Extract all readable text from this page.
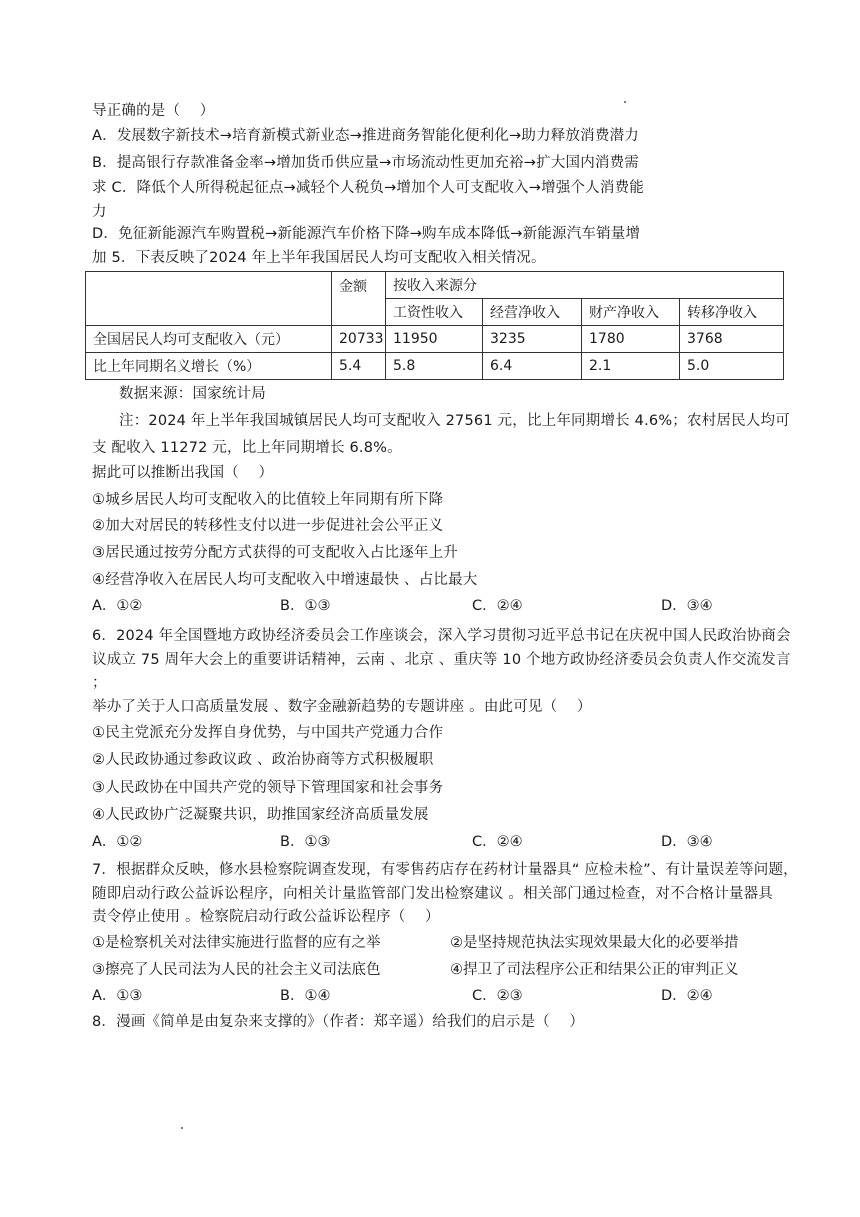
导正确的是（　 ）
A．发展数字新技术→培育新模式新业态→推进商务智能化便利化→助力释放消费潜力
B．提高银行存款准备金率→增加货币供应量→市场流动性更加充裕→扩大国内消费需
求 C．降低个人所得税起征点→减轻个人税负→增加个人可支配收入→增强个人消费能
力
D．免征新能源汽车购置税→新能源汽车价格下降→购车成本降低→新能源汽车销量增
加 5．下表反映了2024 年上半年我国居民人均可支配收入相关情况。
	金额	按收入来源分			
		工资性收入	经营净收入	财产净收入	转移净收入
全国居民人均可支配收入（元）	20733	11950	3235	1780	3768
比上年同期名义增长（%）	5.4	5.8	6.4	2.1	5.0
数据来源：国家统计局
注：2024 年上半年我国城镇居民人均可支配收入 27561 元，比上年同期增长 4.6%；农村居民人均可
支 配收入 11272 元，比上年同期增长 6.8%。
据此可以推断出我国（　 ）
①城乡居民人均可支配收入的比值较上年同期有所下降
②加大对居民的转移性支付以进一步促进社会公平正义
③居民通过按劳分配方式获得的可支配收入占比逐年上升
④经营净收入在居民人均可支配收入中增速最快 、占比最大
A．①②	B．①③	C．②④	D．③④
6．2024 年全国暨地方政协经济委员会工作座谈会，深入学习贯彻习近平总书记在庆祝中国人民政治协商会
议成立 75 周年大会上的重要讲话精神，云南 、北京 、重庆等 10 个地方政协经济委员会负责人作交流发言
；
举办了关于人口高质量发展 、数字金融新趋势的专题讲座 。由此可见（　 ）
①民主党派充分发挥自身优势，与中国共产党通力合作
②人民政协通过参政议政 、政治协商等方式积极履职
③人民政协在中国共产党的领导下管理国家和社会事务
④人民政协广泛凝聚共识，助推国家经济高质量发展
A．①②	B．①③	C．②④	D．③④
7．根据群众反映，修水县检察院调查发现，有零售药店存在药材计量器具“ 应检未检”、有计量误差等问题，
随即启动行政公益诉讼程序，向相关计量监管部门发出检察建议 。相关部门通过检查，对不合格计量器具
责令停止使用 。检察院启动行政公益诉讼程序（　 ）
①是检察机关对法律实施进行监督的应有之举	②是坚持规范执法实现效果最大化的必要举措
③擦亮了人民司法为人民的社会主义司法底色	④捍卫了司法程序公正和结果公正的审判正义
A．①③	B．①④	C．②③	D．②④
8．漫画《简单是由复杂来支撑的》（作者：郑辛遥）给我们的启示是（　 ）
